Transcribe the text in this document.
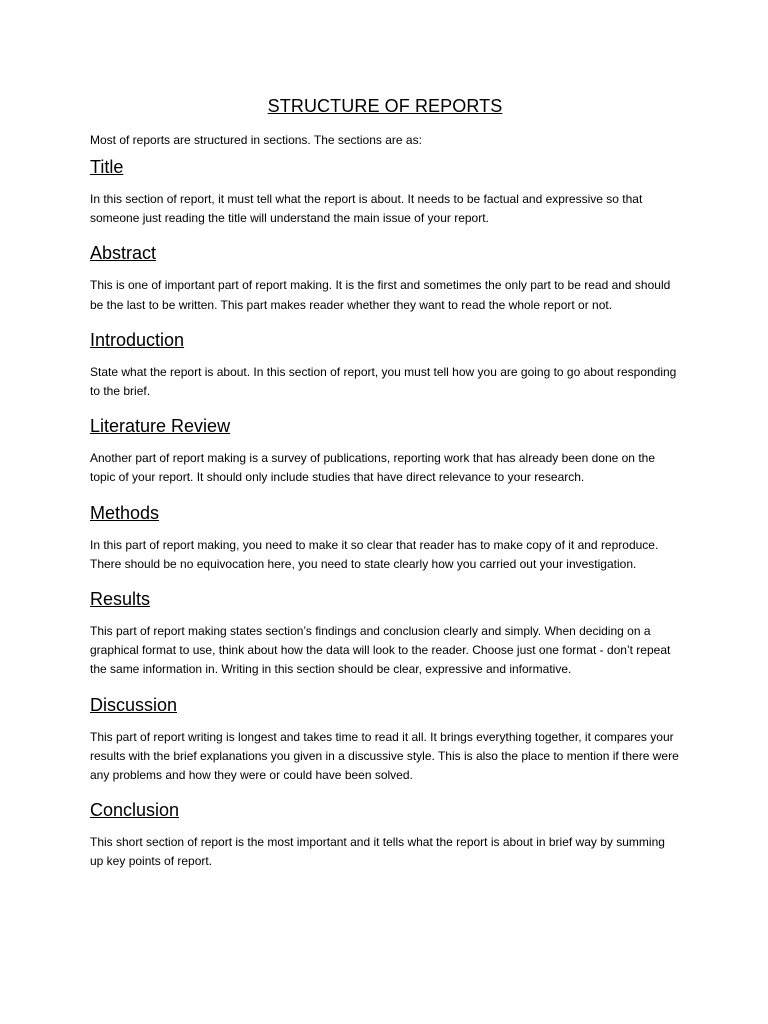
STRUCTURE OF REPORTS

Most of reports are structured in sections. The sections are as:

Title

In this section of report, it must tell what the report is about. It needs to be factual and expressive so that someone just reading the title will understand the main issue of your report.

Abstract

This is one of important part of report making. It is the first and sometimes the only part to be read and should be the last to be written. This part makes reader whether they want to read the whole report or not.

Introduction

State what the report is about. In this section of report, you must tell how you are going to go about responding to the brief.

Literature Review

Another part of report making is a survey of publications, reporting work that has already been done on the topic of your report. It should only include studies that have direct relevance to your research.

Methods

In this part of report making, you need to make it so clear that reader has to make copy of it and reproduce. There should be no equivocation here, you need to state clearly how you carried out your investigation.

Results

This part of report making states section’s findings and conclusion clearly and simply. When deciding on a graphical format to use, think about how the data will look to the reader. Choose just one format - don’t repeat the same information in. Writing in this section should be clear, expressive and informative.

Discussion

This part of report writing is longest and takes time to read it all. It brings everything together, it compares your results with the brief explanations you given in a discussive style. This is also the place to mention if there were any problems and how they were or could have been solved.

Conclusion

This short section of report is the most important and it tells what the report is about in brief way by summing up key points of report.
